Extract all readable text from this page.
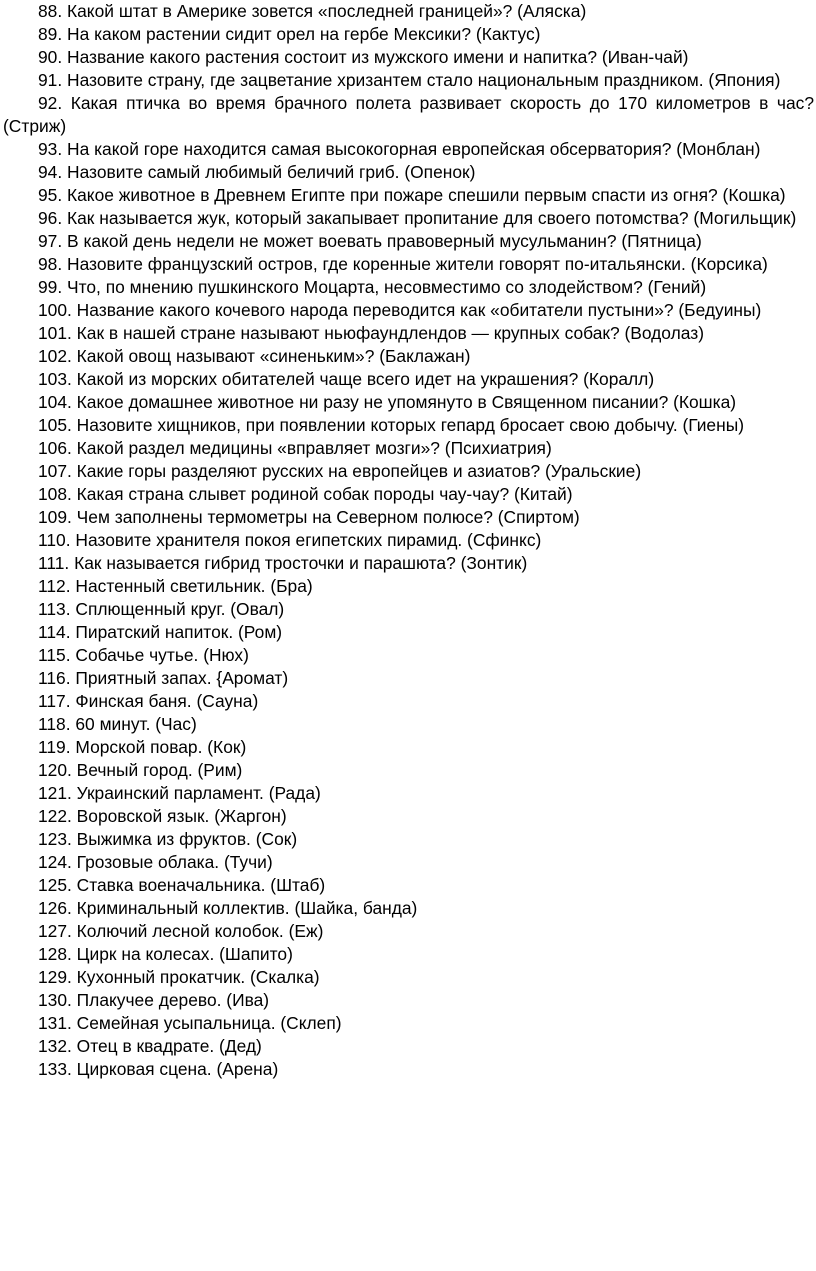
88. Какой штат в Америке зовется «последней границей»? (Аляска)
89. На каком растении сидит орел на гербе Мексики? (Кактус)
90. Название какого растения состоит из мужского имени и напитка? (Иван-чай)
91. Назовите страну, где зацветание хризантем стало национальным праздником. (Япония)
92. Какая птичка во время брачного полета развивает скорость до 170 километров в час? (Стриж)
93. На какой горе находится самая высокогорная европейская обсерватория? (Монблан)
94. Назовите самый любимый беличий гриб. (Опенок)
95. Какое животное в Древнем Египте при пожаре спешили первым спасти из огня? (Кошка)
96. Как называется жук, который закапывает пропитание для своего потомства? (Могильщик)
97. В какой день недели не может воевать правоверный мусульманин? (Пятница)
98. Назовите французский остров, где коренные жители говорят по-итальянски. (Корсика)
99. Что, по мнению пушкинского Моцарта, несовместимо со злодейством? (Гений)
100. Название какого кочевого народа переводится как «обитатели пустыни»? (Бедуины)
101. Как в нашей стране называют ньюфаундлендов — крупных собак? (Водолаз)
102. Какой овощ называют «синеньким»? (Баклажан)
103. Какой из морских обитателей чаще всего идет на украшения? (Коралл)
104. Какое домашнее животное ни разу не упомянуто в Священном писании? (Кошка)
105. Назовите хищников, при появлении которых гепард бросает свою добычу. (Гиены)
106. Какой раздел медицины «вправляет мозги»? (Психиатрия)
107. Какие горы разделяют русских на европейцев и азиатов? (Уральские)
108. Какая страна слывет родиной собак породы чау-чау? (Китай)
109. Чем заполнены термометры на Северном полюсе? (Спиртом)
110. Назовите хранителя покоя египетских пирамид. (Сфинкс)
111. Как называется гибрид тросточки и парашюта? (Зонтик)
112. Настенный светильник. (Бра)
113. Сплющенный круг. (Овал)
114. Пиратский напиток. (Ром)
115. Собачье чутье. (Нюх)
116. Приятный запах. {Аромат)
117. Финская баня. (Сауна)
118. 60 минут. (Час)
119. Морской повар. (Кок)
120. Вечный город. (Рим)
121. Украинский парламент. (Рада)
122. Воровской язык. (Жаргон)
123. Выжимка из фруктов. (Сок)
124. Грозовые облака. (Тучи)
125. Ставка военачальника. (Штаб)
126. Криминальный коллектив. (Шайка, банда)
127. Колючий лесной колобок. (Еж)
128. Цирк на колесах. (Шапито)
129. Кухонный прокатчик. (Скалка)
130. Плакучее дерево. (Ива)
131. Семейная усыпальница. (Склеп)
132. Отец в квадрате. (Дед)
133. Цирковая сцена. (Арена)
